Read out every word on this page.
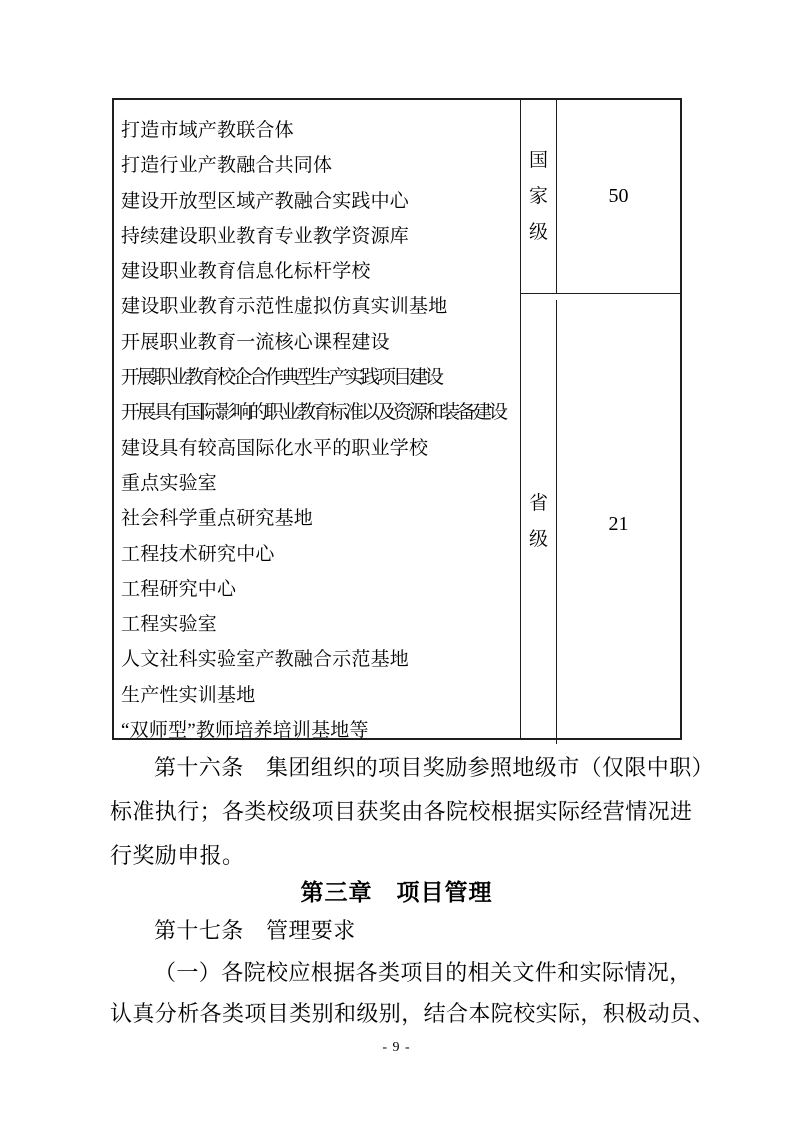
打造市域产教联合体
打造行业产教融合共同体
建设开放型区域产教融合实践中心
持续建设职业教育专业教学资源库
建设职业教育信息化标杆学校
建设职业教育示范性虚拟仿真实训基地
开展职业教育一流核心课程建设
开展职业教育校企合作典型生产实践项目建设
开展具有国际影响的职业教育标准以及资源和装备建设
建设具有较高国际化水平的职业学校
重点实验室
社会科学重点研究基地
工程技术研究中心
工程研究中心
工程实验室
人文社科实验室产教融合示范基地
生产性实训基地
“双师型”教师培养培训基地等
国
家
级
50
省
级
21
第十六条　集团组织的项目奖励参照地级市（仅限中职）
标准执行；各类校级项目获奖由各院校根据实际经营情况进
行奖励申报。
第三章　项目管理
第十七条　管理要求
（一）各院校应根据各类项目的相关文件和实际情况，
认真分析各类项目类别和级别，结合本院校实际，积极动员、
- 9 -
